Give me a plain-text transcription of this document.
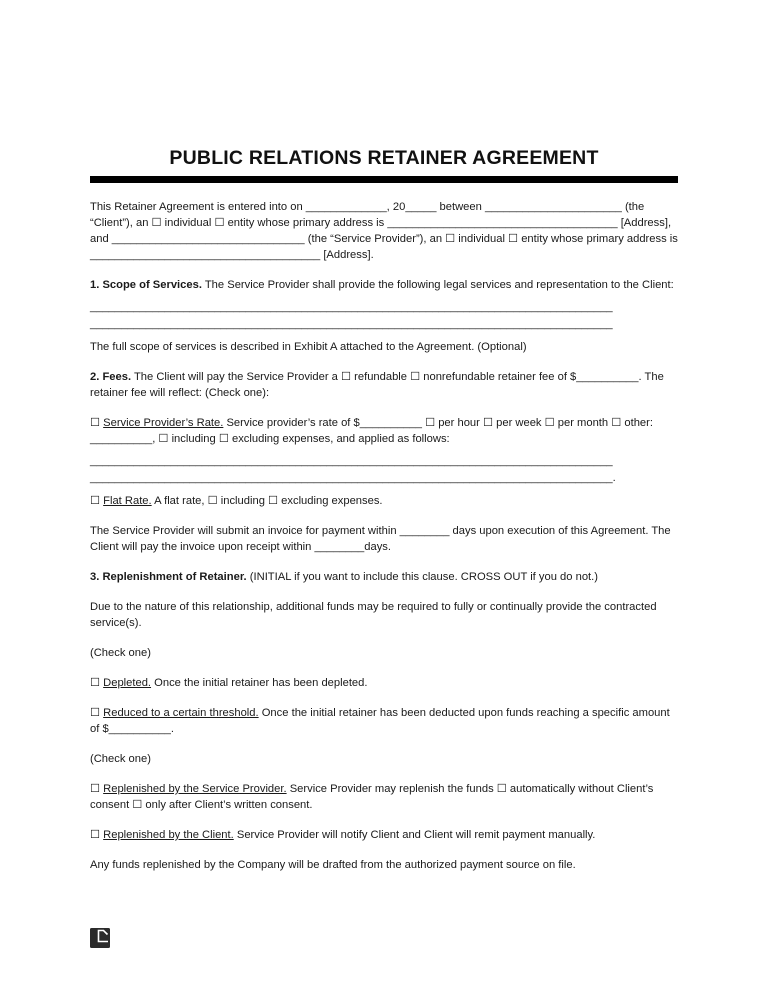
PUBLIC RELATIONS RETAINER AGREEMENT

This Retainer Agreement is entered into on _____________, 20_____ between ______________________ (the “Client”), an ☐ individual ☐ entity whose primary address is _____________________________________ [Address], and _______________________________ (the “Service Provider”), an ☐ individual ☐ entity whose primary address is _____________________________________ [Address].

1. Scope of Services. The Service Provider shall provide the following legal services and representation to the Client:

____________________________________________________________________________________
____________________________________________________________________________________

The full scope of services is described in Exhibit A attached to the Agreement. (Optional)

2. Fees. The Client will pay the Service Provider a ☐ refundable ☐ nonrefundable retainer fee of $__________. The retainer fee will reflect: (Check one):

☐ Service Provider’s Rate. Service provider’s rate of $__________ ☐ per hour ☐ per week ☐ per month ☐ other: __________, ☐ including ☐ excluding expenses, and applied as follows:

____________________________________________________________________________________
____________________________________________________________________________________.

☐ Flat Rate. A flat rate, ☐ including ☐ excluding expenses.

The Service Provider will submit an invoice for payment within ________ days upon execution of this Agreement. The Client will pay the invoice upon receipt within ________days.

3. Replenishment of Retainer. (INITIAL if you want to include this clause. CROSS OUT if you do not.)

Due to the nature of this relationship, additional funds may be required to fully or continually provide the contracted service(s).

(Check one)

☐ Depleted. Once the initial retainer has been depleted.

☐ Reduced to a certain threshold. Once the initial retainer has been deducted upon funds reaching a specific amount of $__________.

(Check one)

☐ Replenished by the Service Provider. Service Provider may replenish the funds ☐ automatically without Client’s consent ☐ only after Client’s written consent.

☐ Replenished by the Client. Service Provider will notify Client and Client will remit payment manually.

Any funds replenished by the Company will be drafted from the authorized payment source on file.
